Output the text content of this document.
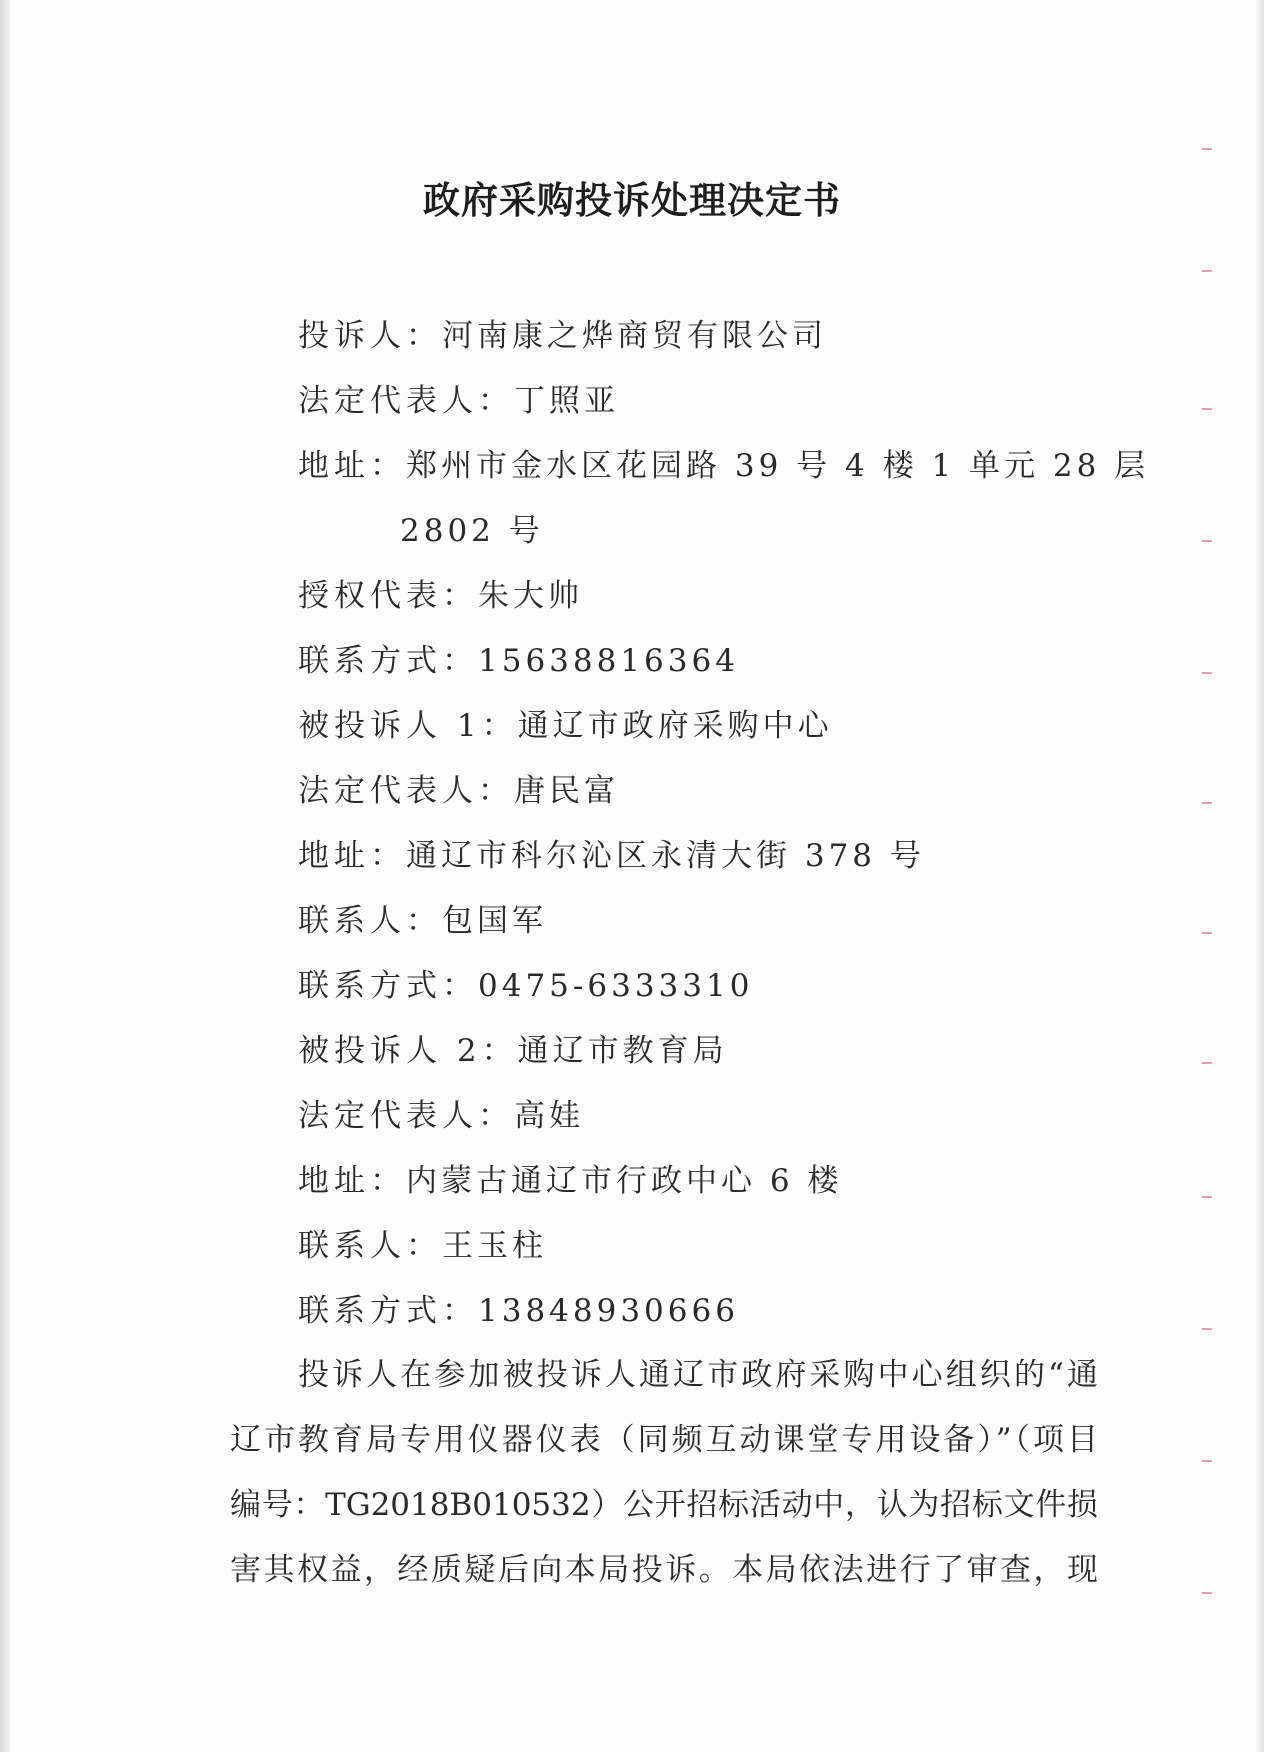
政府采购投诉处理决定书
投诉人：河南康之烨商贸有限公司
法定代表人：丁照亚
地址：郑州市金水区花园路 39 号 4 楼 1 单元 28 层
2802 号
授权代表：朱大帅
联系方式：15638816364
被投诉人 1：通辽市政府采购中心
法定代表人：唐民富
地址：通辽市科尔沁区永清大街 378 号
联系人：包国军
联系方式：0475-6333310
被投诉人 2：通辽市教育局
法定代表人：高娃
地址：内蒙古通辽市行政中心 6 楼
联系人：王玉柱
联系方式：13848930666
投诉人在参加被投诉人通辽市政府采购中心组织的“通
辽市教育局专用仪器仪表（同频互动课堂专用设备）”（项目
编号：TG2018B010532）公开招标活动中，认为招标文件损
害其权益，经质疑后向本局投诉。本局依法进行了审查，现
